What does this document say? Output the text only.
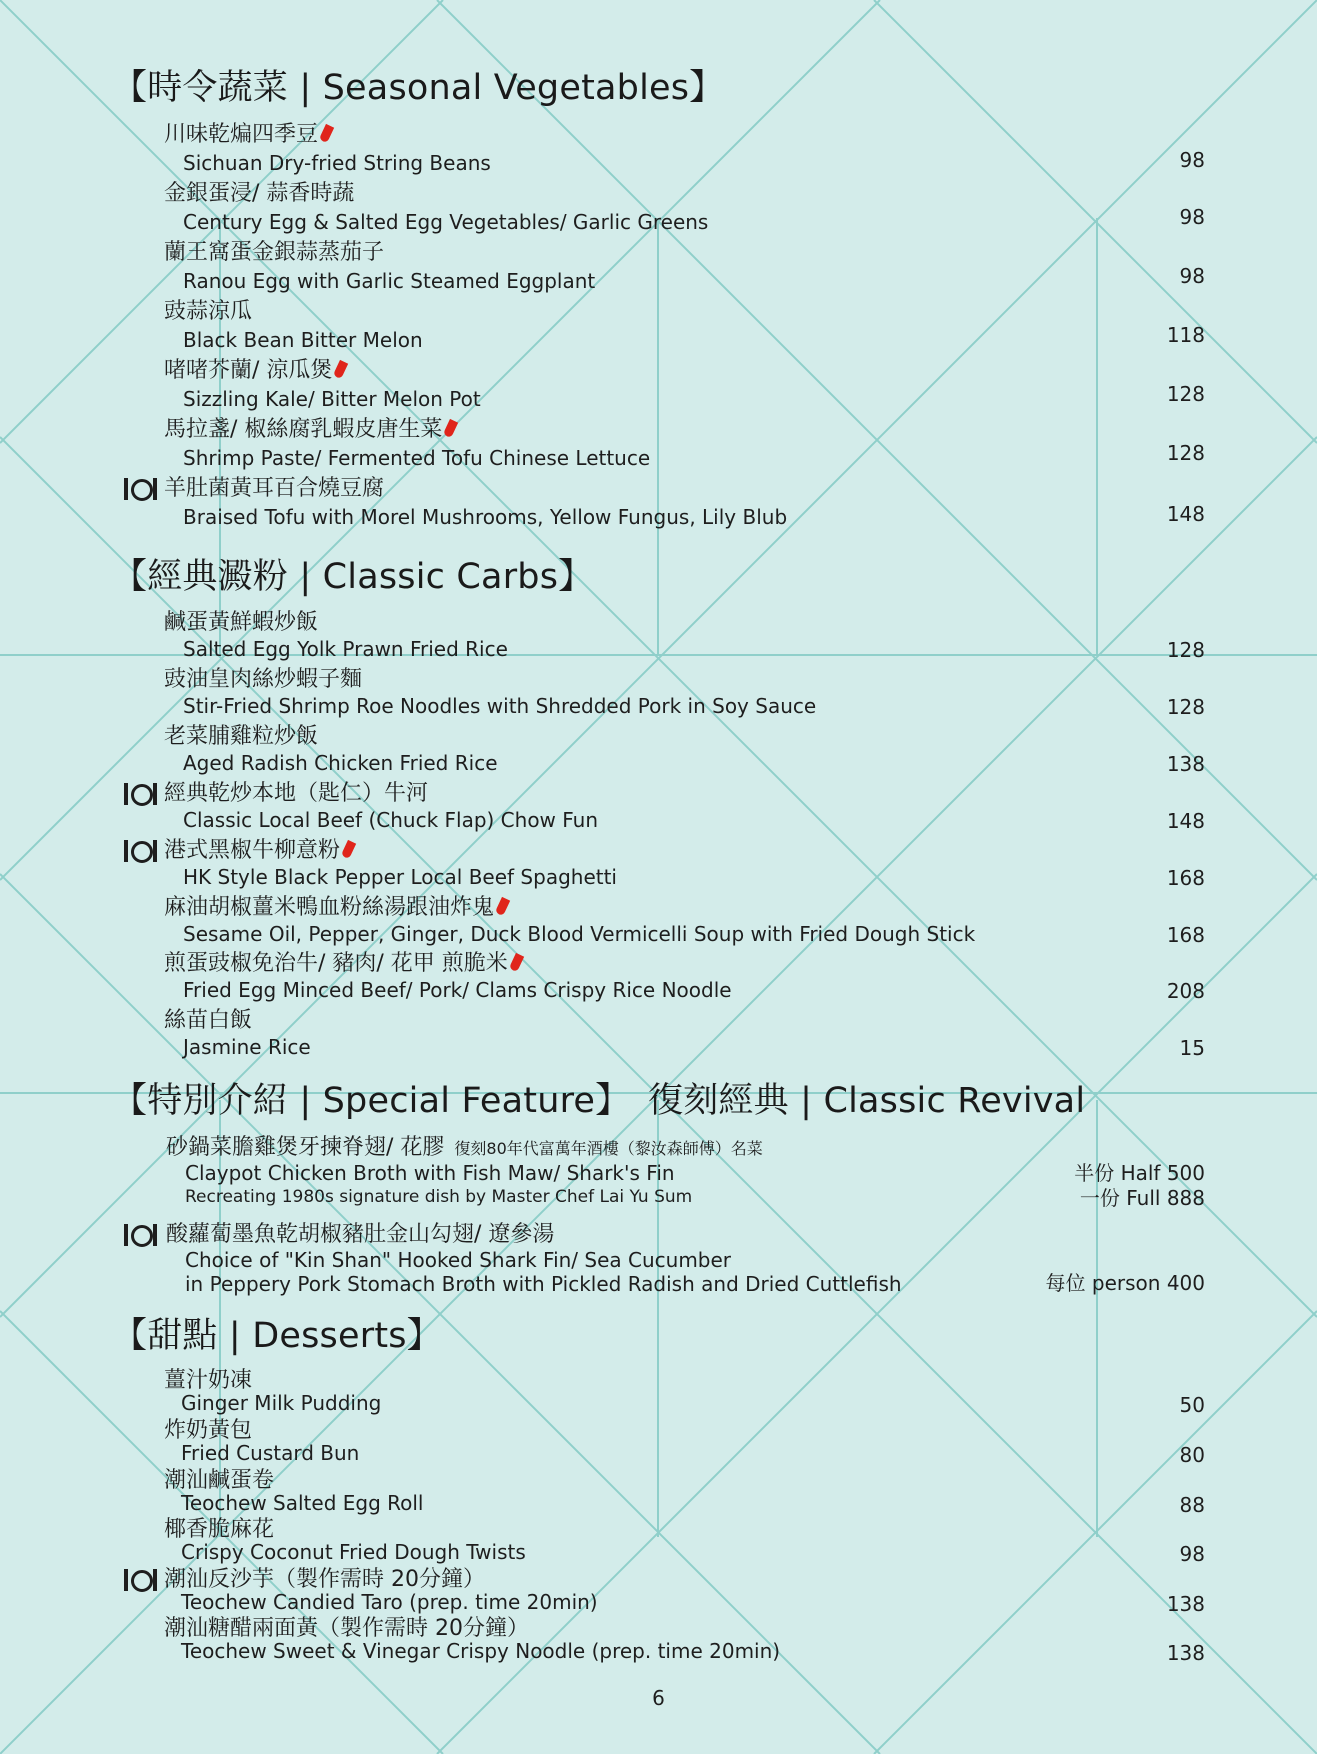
【時令蔬菜 | Seasonal Vegetables】
川味乾煸四季豆
Sichuan Dry-fried String Beans	98
金銀蛋浸/ 蒜香時蔬
Century Egg & Salted Egg Vegetables/ Garlic Greens	98
蘭王窩蛋金銀蒜蒸茄子
Ranou Egg with Garlic Steamed Eggplant	98
豉蒜涼瓜
Black Bean Bitter Melon	118
啫啫芥蘭/ 涼瓜煲
Sizzling Kale/ Bitter Melon Pot	128
馬拉盞/ 椒絲腐乳蝦皮唐生菜
Shrimp Paste/ Fermented Tofu Chinese Lettuce	128
羊肚菌黃耳百合燒豆腐
Braised Tofu with Morel Mushrooms, Yellow Fungus, Lily Blub	148
【經典澱粉 | Classic Carbs】
鹹蛋黃鮮蝦炒飯
Salted Egg Yolk Prawn Fried Rice	128
豉油皇肉絲炒蝦子麵
Stir-Fried Shrimp Roe Noodles with Shredded Pork in Soy Sauce	128
老菜脯雞粒炒飯
Aged Radish Chicken Fried Rice	138
經典乾炒本地（匙仁）牛河
Classic Local Beef (Chuck Flap) Chow Fun	148
港式黑椒牛柳意粉
HK Style Black Pepper Local Beef Spaghetti	168
麻油胡椒薑米鴨血粉絲湯跟油炸鬼
Sesame Oil, Pepper, Ginger, Duck Blood Vermicelli Soup with Fried Dough Stick	168
煎蛋豉椒免治牛/ 豬肉/ 花甲 煎脆米
Fried Egg Minced Beef/ Pork/ Clams Crispy Rice Noodle	208
絲苗白飯
Jasmine Rice	15
【特別介紹 | Special Feature】　復刻經典 | Classic Revival
砂鍋菜膽雞煲牙揀脊翅/ 花膠 復刻80年代富萬年酒樓（黎汝森師傅）名菜
Claypot Chicken Broth with Fish Maw/ Shark's Fin
Recreating 1980s signature dish by Master Chef Lai Yu Sum
半份 Half 500
一份 Full 888
酸蘿蔔墨魚乾胡椒豬肚金山勾翅/ 遼參湯
Choice of "Kin Shan" Hooked Shark Fin/ Sea Cucumber
in Peppery Pork Stomach Broth with Pickled Radish and Dried Cuttlefish	每位 person 400
【甜點 | Desserts】
薑汁奶凍
Ginger Milk Pudding	50
炸奶黃包
Fried Custard Bun	80
潮汕鹹蛋卷
Teochew Salted Egg Roll	88
椰香脆麻花
Crispy Coconut Fried Dough Twists	98
潮汕反沙芋（製作需時 20分鐘）
Teochew Candied Taro (prep. time 20min)	138
潮汕糖醋兩面黃（製作需時 20分鐘）
Teochew Sweet & Vinegar Crispy Noodle (prep. time 20min)	138
6
